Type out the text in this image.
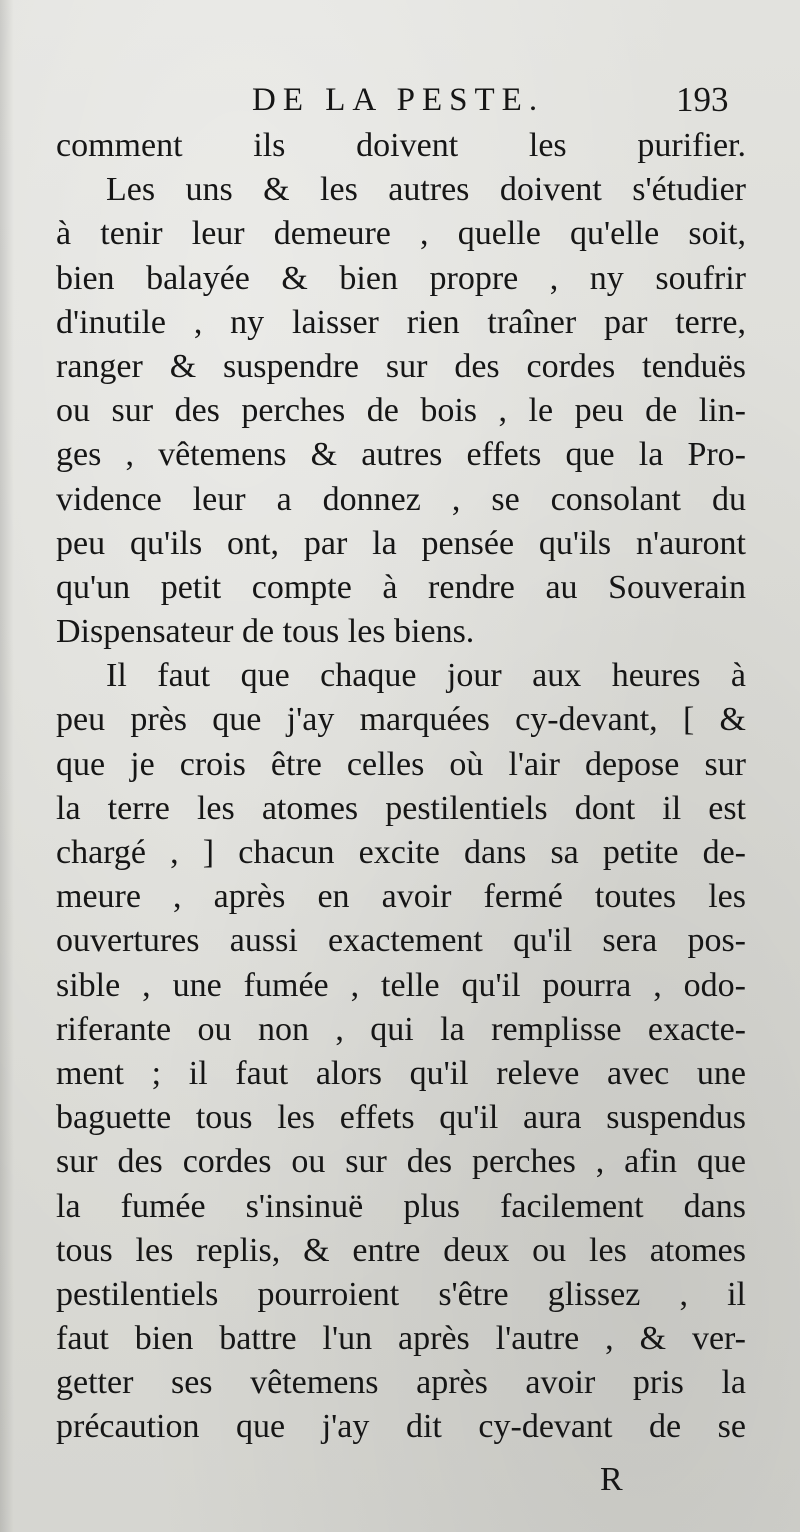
DE LA PESTE.	193
comment ils doivent les purifier.
Les uns & les autres doivent s'étudier
à tenir leur demeure , quelle qu'elle soit,
bien balayée & bien propre , ny soufrir
d'inutile , ny laisser rien traîner par terre,
ranger & suspendre sur des cordes tenduës
ou sur des perches de bois , le peu de lin-
ges , vêtemens & autres effets que la Pro-
vidence leur a donnez , se consolant du
peu qu'ils ont, par la pensée qu'ils n'auront
qu'un petit compte à rendre au Souverain
Dispensateur de tous les biens.
Il faut que chaque jour aux heures à
peu près que j'ay marquées cy-devant, [ &
que je crois être celles où l'air depose sur
la terre les atomes pestilentiels dont il est
chargé , ] chacun excite dans sa petite de-
meure , après en avoir fermé toutes les
ouvertures aussi exactement qu'il sera pos-
sible , une fumée , telle qu'il pourra , odo-
riferante ou non , qui la remplisse exacte-
ment ; il faut alors qu'il releve avec une
baguette tous les effets qu'il aura suspendus
sur des cordes ou sur des perches , afin que
la fumée s'insinuë plus facilement dans
tous les replis, & entre deux ou les atomes
pestilentiels pourroient s'être glissez , il
faut bien battre l'un après l'autre , & ver-
getter ses vêtemens après avoir pris la
précaution que j'ay dit cy-devant de se
R
